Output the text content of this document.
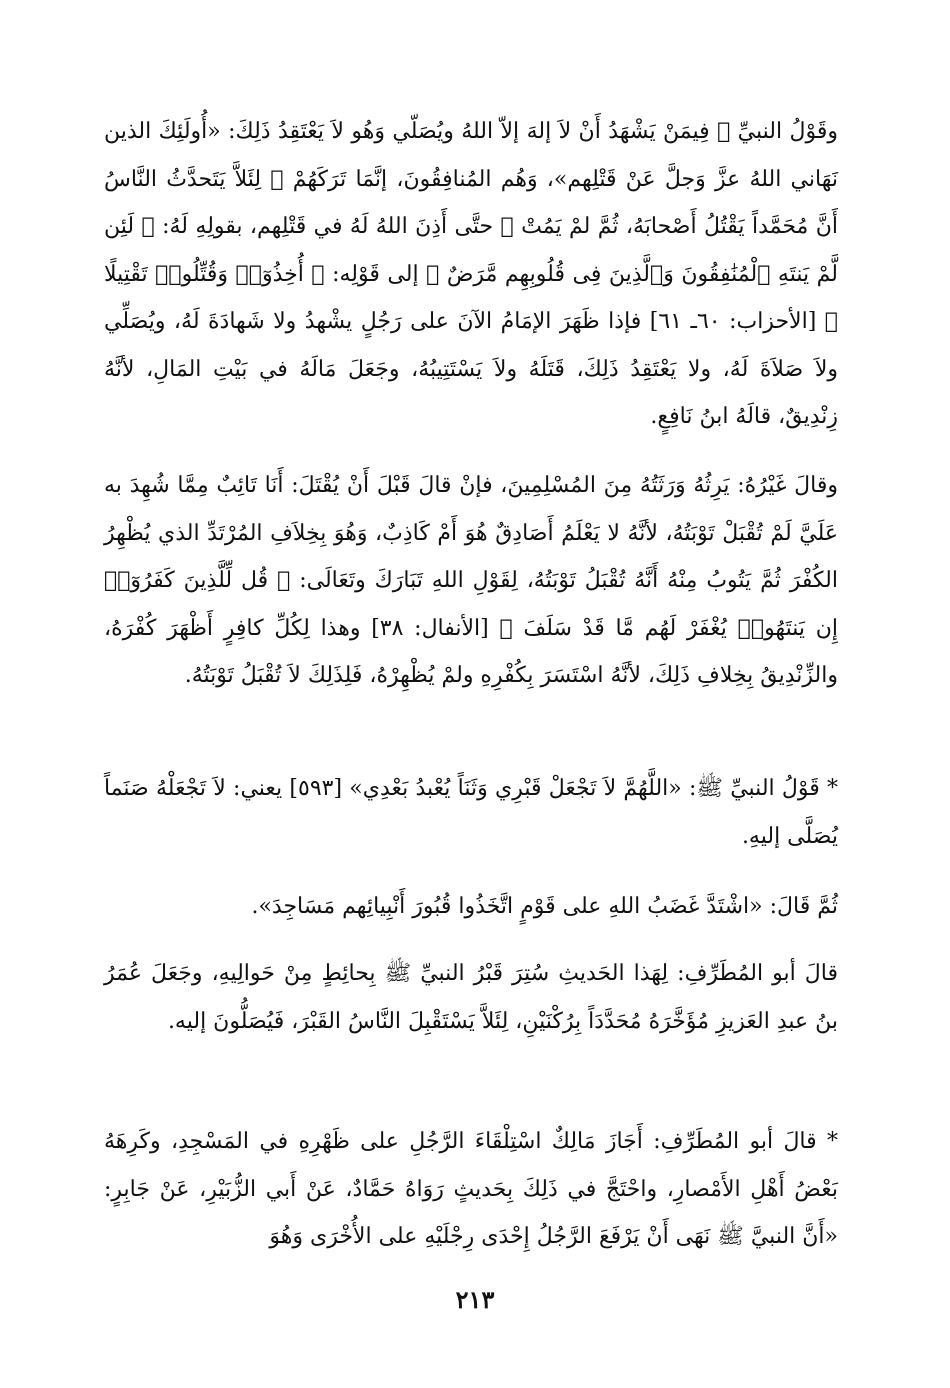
وقَوْلُ النبيِّ ﷺ فِيمَنْ يَشْهَدُ أَنْ لاَ إلهَ إلاّ اللهُ ويُصَلّي وَهُو لاَ يَعْتَقِدُ ذَلِكَ: «أُولَئِكَ الذين نَهَاني اللهُ عزَّ وَجلَّ عَنْ قَتْلِهم»، وَهُم المُنافِقُونَ، إنَّمَا تَرَكَهُمْ ﷺ لِئَلاَّ يَتَحدَّثُ النَّاسُ أَنَّ مُحَمَّداً يَقْتُلُ أَصْحابَهُ، ثُمَّ لمْ يَمُتْ ﷺ حتَّى أَذِنَ اللهُ لَهُ في قَتْلِهم، بقولِهِ لَهُ: ﴿ لَئِن لَّمْ يَنتَهِ ٱلْمُنَٰفِقُونَ وَٱلَّذِينَ فِى قُلُوبِهِم مَّرَضٌ ﴾ إلى قَوْلِه: ﴿ أُخِذُوٓا۟ وَقُتِّلُوا۟ تَقْتِيلًا ﴾ [الأحزاب: ٦٠ـ ٦١] فإذا ظَهَرَ الإمَامُ الآنَ على رَجُلٍ يشْهدُ ولا شَهادَةَ لَهُ، ويُصَلِّي ولاَ صَلاَةَ لَهُ، ولا يَعْتَقِدُ ذَلِكَ، قَتَلَهُ ولاَ يَسْتَتِيبُهُ، وجَعَلَ مَالَهُ في بَيْتِ المَالِ، لأنَّهُ زِنْدِيقٌ، قالَهُ ابنُ نَافِعٍ.

وقالَ غَيْرُهُ: يَرِثُهُ وَرَثَتُهُ مِنَ المُسْلِمِينَ، فإنْ قالَ قَبْلَ أَنْ يُقْتَلَ: أَنَا تَائِبٌ مِمَّا شُهِدَ به عَلَيَّ لَمْ تُقْبَلْ تَوْبَتُهُ، لأنَّهُ لا يَعْلَمُ أَصَادِقٌ هُوَ أَمْ كَاذِبٌ، وَهُوَ بِخِلاَفِ المُرْتَدِّ الذي يُظْهِرُ الكُفْرَ ثُمَّ يَتُوبُ مِنْهُ أَنَّهُ تُقْبَلُ تَوْبَتُهُ، لِقَوْلِ اللهِ تَبَارَكَ وتَعَالَى: ﴿ قُل لِّلَّذِينَ كَفَرُوٓا۟ إِن يَنتَهُوا۟ يُغْفَرْ لَهُم مَّا قَدْ سَلَفَ ﴾ [الأنفال: ٣٨] وهذا لِكُلِّ كافِرٍ أَظْهَرَ كُفْرَهُ، والزِّنْدِيقُ بِخِلافِ ذَلِكَ، لأنَّهُ اسْتَسَرَ بِكُفْرِهِ ولمْ يُظْهِرْهُ، فَلِذَلِكَ لاَ تُقْبَلُ تَوْبَتُهُ.

* قَوْلُ النبيِّ ﷺ: «اللَّهُمَّ لاَ تَجْعَلْ قَبْرِي وَثَنَاً يُعْبدُ بَعْدِي» [٥٩٣] يعني: لاَ تَجْعَلْهُ صَنَماً يُصَلَّى إليهِ.

ثُمَّ قَالَ: «اشْتَدَّ غَضَبُ اللهِ على قَوْمٍ اتَّخَذُوا قُبُورَ أَنْبِيائِهم مَسَاجِدَ».

قالَ أبو المُطَرِّفِ: لِهَذا الحَديثِ سُتِرَ قَبْرُ النبيِّ ﷺ بِحائِطٍ مِنْ حَوالِيهِ، وجَعَلَ عُمَرُ بنُ عبدِ العَزيزِ مُؤَخَّرَهُ مُحَدَّدَاً بِرُكْنَيْنِ، لِئَلاَّ يَسْتَقْبِلَ النَّاسُ القَبْرَ، فَيُصَلُّونَ إليه.

* قالَ أبو المُطَرِّفِ: أَجَازَ مَالِكٌ اسْتِلْقَاءَ الرَّجُلِ على ظَهْرِهِ في المَسْجِدِ، وكَرِهَهُ بَعْضُ أَهْلِ الأَمْصارِ، واحْتَجَّ في ذَلِكَ بِحَديثٍ رَوَاهُ حَمَّادٌ، عَنْ أَبي الزُّبَيْرِ، عَنْ جَابِرٍ: «أَنَّ النبيَّ ﷺ نَهَى أَنْ يَرْفَعَ الرَّجُلُ إِحْدَى رِجْلَيْهِ على الأُخْرَى وَهُوَ

٢١٣
